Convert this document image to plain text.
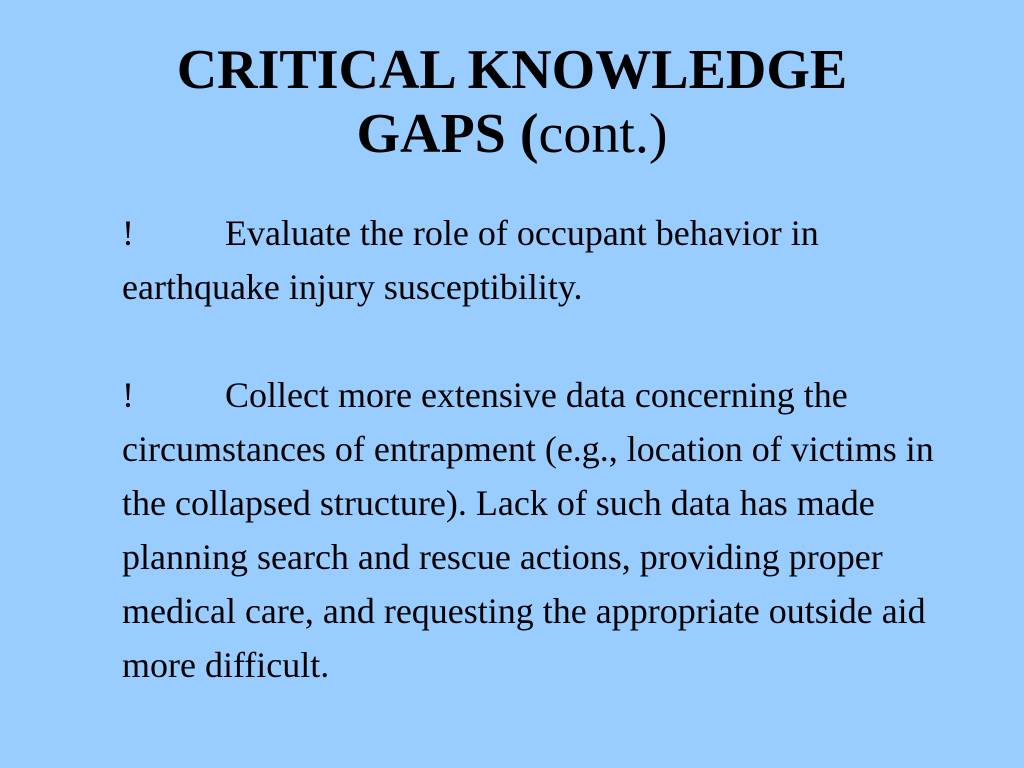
CRITICAL KNOWLEDGE
GAPS (cont.)

!	Evaluate the role of occupant behavior in earthquake injury susceptibility.

!	Collect more extensive data concerning the circumstances of entrapment (e.g., location of victims in the collapsed structure). Lack of such data has made planning search and rescue actions, providing proper medical care, and requesting the appropriate outside aid more difficult.
